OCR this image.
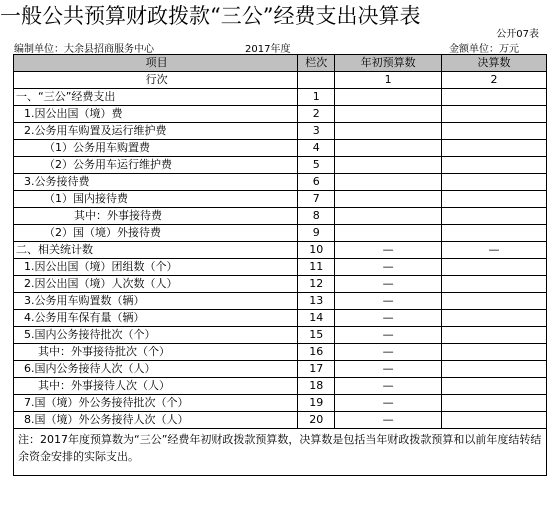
一般公共预算财政拨款“三公”经费支出决算表
公开07表
编制单位：大余县招商服务中心	2017年度	金额单位：万元
项目	栏次	年初预算数	决算数
行次		1	2
一、“三公”经费支出	1		
1.因公出国（境）费	2		
2.公务用车购置及运行维护费	3		
（1）公务用车购置费	4		
（2）公务用车运行维护费	5		
3.公务接待费	6		
（1）国内接待费	7		
其中：外事接待费	8		
（2）国（境）外接待费	9		
二、相关统计数	10	—	—
1.因公出国（境）团组数（个）	11	—	
2.因公出国（境）人次数（人）	12	—	
3.公务用车购置数（辆）	13	—	
4.公务用车保有量（辆）	14	—	
5.国内公务接待批次（个）	15	—	
其中：外事接待批次（个）	16	—	
6.国内公务接待人次（人）	17	—	
其中：外事接待人次（人）	18	—	
7.国（境）外公务接待批次（个）	19	—	
8.国（境）外公务接待人次（人）	20	—	
注：2017年度预算数为“三公”经费年初财政拨款预算数，决算数是包括当年财政拨款预算和以前年度结转结余资金安排的实际支出。			
